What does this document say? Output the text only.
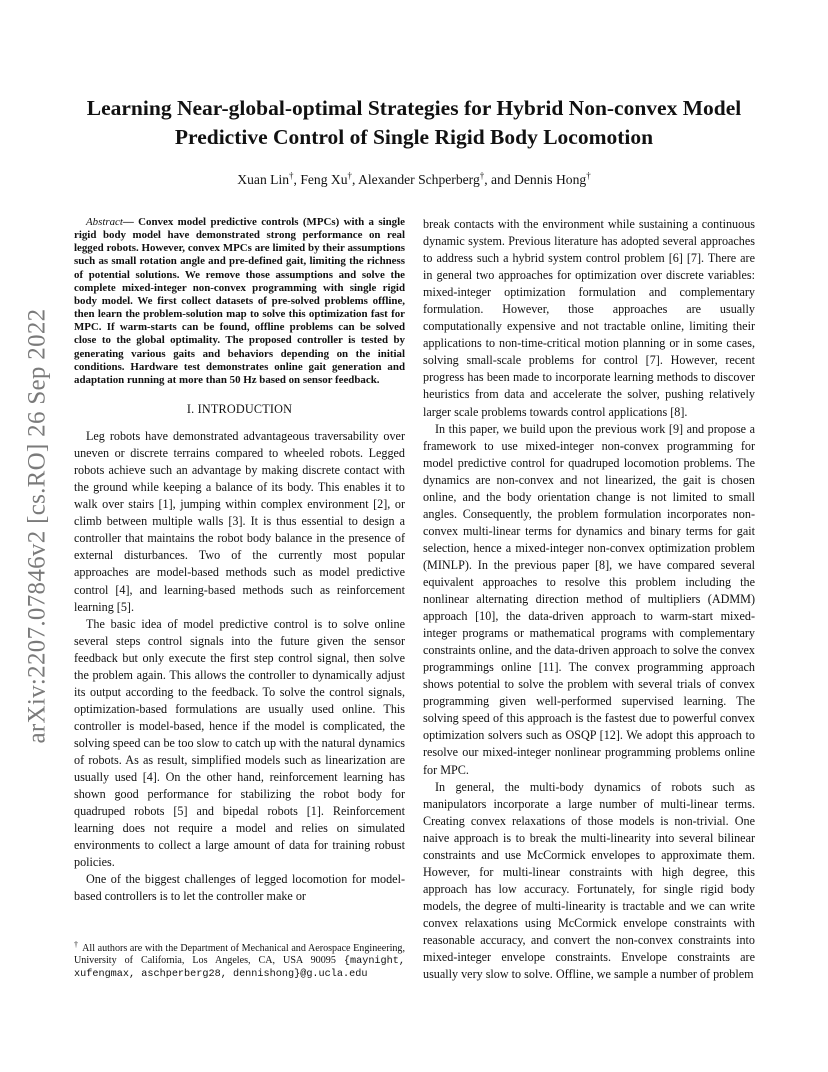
arXiv:2207.07846v2 [cs.RO] 26 Sep 2022
Learning Near-global-optimal Strategies for Hybrid Non-convex Model Predictive Control of Single Rigid Body Locomotion
Xuan Lin†, Feng Xu†, Alexander Schperberg†, and Dennis Hong†

Abstract— Convex model predictive controls (MPCs) with a single rigid body model have demonstrated strong performance on real legged robots. However, convex MPCs are limited by their assumptions such as small rotation angle and pre-defined gait, limiting the richness of potential solutions. We remove those assumptions and solve the complete mixed-integer non-convex programming with single rigid body model. We first collect datasets of pre-solved problems offline, then learn the problem-solution map to solve this optimization fast for MPC. If warm-starts can be found, offline problems can be solved close to the global optimality. The proposed controller is tested by generating various gaits and behaviors depending on the initial conditions. Hardware test demonstrates online gait generation and adaptation running at more than 50 Hz based on sensor feedback.

I. INTRODUCTION

Leg robots have demonstrated advantageous traversability over uneven or discrete terrains compared to wheeled robots. Legged robots achieve such an advantage by making discrete contact with the ground while keeping a balance of its body. This enables it to walk over stairs [1], jumping within complex environment [2], or climb between multiple walls [3]. It is thus essential to design a controller that maintains the robot body balance in the presence of external disturbances. Two of the currently most popular approaches are model-based methods such as model predictive control [4], and learning-based methods such as reinforcement learning [5].

The basic idea of model predictive control is to solve online several steps control signals into the future given the sensor feedback but only execute the first step control signal, then solve the problem again. This allows the controller to dynamically adjust its output according to the feedback. To solve the control signals, optimization-based formulations are usually used online. This controller is model-based, hence if the model is complicated, the solving speed can be too slow to catch up with the natural dynamics of robots. As as result, simplified models such as linearization are usually used [4]. On the other hand, reinforcement learning has shown good performance for stabilizing the robot body for quadruped robots [5] and bipedal robots [1]. Reinforcement learning does not require a model and relies on simulated environments to collect a large amount of data for training robust policies.

One of the biggest challenges of legged locomotion for model-based controllers is to let the controller make or

† All authors are with the Department of Mechanical and Aerospace Engineering, University of California, Los Angeles, CA, USA 90095 {maynight, xufengmax, aschperberg28, dennishong}@g.ucla.edu

break contacts with the environment while sustaining a continuous dynamic system. Previous literature has adopted several approaches to address such a hybrid system control problem [6] [7]. There are in general two approaches for optimization over discrete variables: mixed-integer optimization formulation and complementary formulation. However, those approaches are usually computationally expensive and not tractable online, limiting their applications to non-time-critical motion planning or in some cases, solving small-scale problems for control [7]. However, recent progress has been made to incorporate learning methods to discover heuristics from data and accelerate the solver, pushing relatively larger scale problems towards control applications [8].

In this paper, we build upon the previous work [9] and propose a framework to use mixed-integer non-convex programming for model predictive control for quadruped locomotion problems. The dynamics are non-convex and not linearized, the gait is chosen online, and the body orientation change is not limited to small angles. Consequently, the problem formulation incorporates non-convex multi-linear terms for dynamics and binary terms for gait selection, hence a mixed-integer non-convex optimization problem (MINLP). In the previous paper [8], we have compared several equivalent approaches to resolve this problem including the nonlinear alternating direction method of multipliers (ADMM) approach [10], the data-driven approach to warm-start mixed-integer programs or mathematical programs with complementary constraints online, and the data-driven approach to solve the convex programmings online [11]. The convex programming approach shows potential to solve the problem with several trials of convex programming given well-performed supervised learning. The solving speed of this approach is the fastest due to powerful convex optimization solvers such as OSQP [12]. We adopt this approach to resolve our mixed-integer nonlinear programming problems online for MPC.

In general, the multi-body dynamics of robots such as manipulators incorporate a large number of multi-linear terms. Creating convex relaxations of those models is non-trivial. One naive approach is to break the multi-linearity into several bilinear constraints and use McCormick envelopes to approximate them. However, for multi-linear constraints with high degree, this approach has low accuracy. Fortunately, for single rigid body models, the degree of multi-linearity is tractable and we can write convex relaxations using McCormick envelope constraints with reasonable accuracy, and convert the non-convex constraints into mixed-integer envelope constraints. Envelope constraints are usually very slow to solve. Offline, we sample a number of problem
